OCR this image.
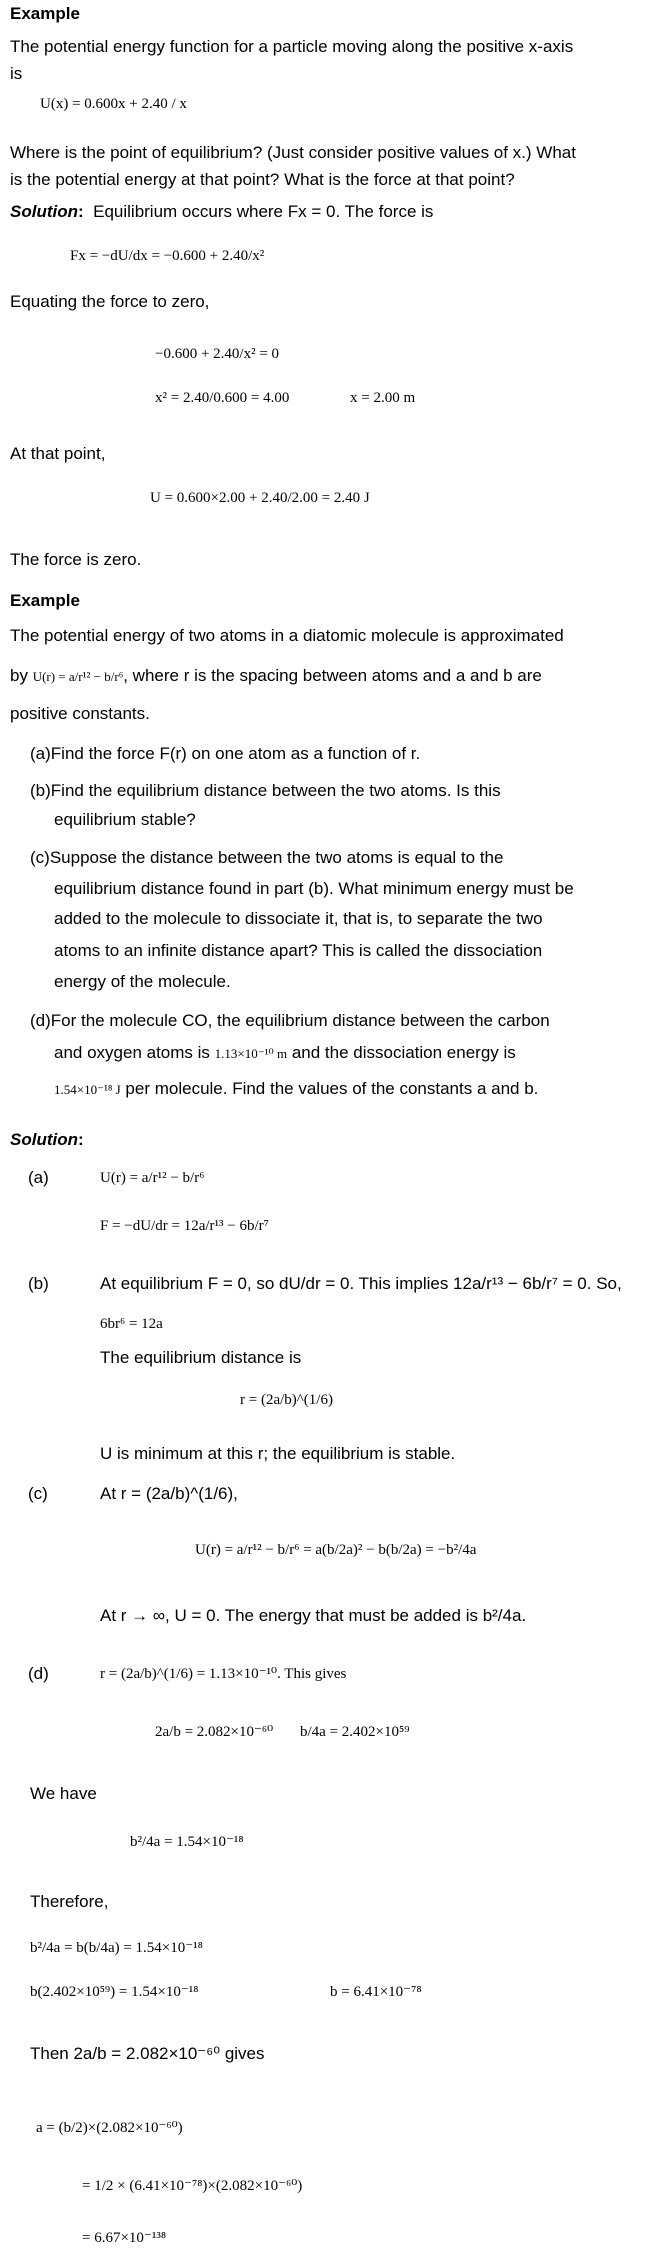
Example
The potential energy function for a particle moving along the positive x-axis
is
U(x) = 0.600x + 2.40 / x
Where is the point of equilibrium? (Just consider positive values of x.) What
is the potential energy at that point? What is the force at that point?
Solution: Equilibrium occurs where Fx = 0. The force is
Fx = −dU/dx = −0.600 + 2.40/x²
Equating the force to zero,
−0.600 + 2.40/x² = 0
x² = 2.40/0.600 = 4.00	x = 2.00 m
At that point,
U = 0.600×2.00 + 2.40/2.00 = 2.40 J
The force is zero.
Example
The potential energy of two atoms in a diatomic molecule is approximated
by U(r) = a/r¹² − b/r⁶, where r is the spacing between atoms and a and b are
positive constants.
(a)Find the force F(r) on one atom as a function of r.
(b)Find the equilibrium distance between the two atoms. Is this
equilibrium stable?
(c)Suppose the distance between the two atoms is equal to the
equilibrium distance found in part (b). What minimum energy must be
added to the molecule to dissociate it, that is, to separate the two
atoms to an infinite distance apart? This is called the dissociation
energy of the molecule.
(d)For the molecule CO, the equilibrium distance between the carbon
and oxygen atoms is 1.13×10⁻¹⁰ m and the dissociation energy is
1.54×10⁻¹⁸ J per molecule. Find the values of the constants a and b.
Solution:
(a)	U(r) = a/r¹² − b/r⁶
F = −dU/dr = 12a/r¹³ − 6b/r⁷
(b)	At equilibrium F = 0, so dU/dr = 0. This implies 12a/r¹³ − 6b/r⁷ = 0. So,
6br⁶ = 12a
The equilibrium distance is
r = (2a/b)^(1/6)
U is minimum at this r; the equilibrium is stable.
(c)	At r = (2a/b)^(1/6),
U(r) = a/r¹² − b/r⁶ = a(b/2a)² − b(b/2a) = −b²/4a
At r → ∞, U = 0. The energy that must be added is b²/4a.
(d)	r = (2a/b)^(1/6) = 1.13×10⁻¹⁰. This gives
2a/b = 2.082×10⁻⁶⁰ b/4a = 2.402×10⁵⁹
We have
b²/4a = 1.54×10⁻¹⁸
Therefore,
b²/4a = b(b/4a) = 1.54×10⁻¹⁸
b(2.402×10⁵⁹) = 1.54×10⁻¹⁸	b = 6.41×10⁻⁷⁸
Then 2a/b = 2.082×10⁻⁶⁰ gives
a = (b/2)×(2.082×10⁻⁶⁰)
= 1/2 × (6.41×10⁻⁷⁸)×(2.082×10⁻⁶⁰)
= 6.67×10⁻¹³⁸
